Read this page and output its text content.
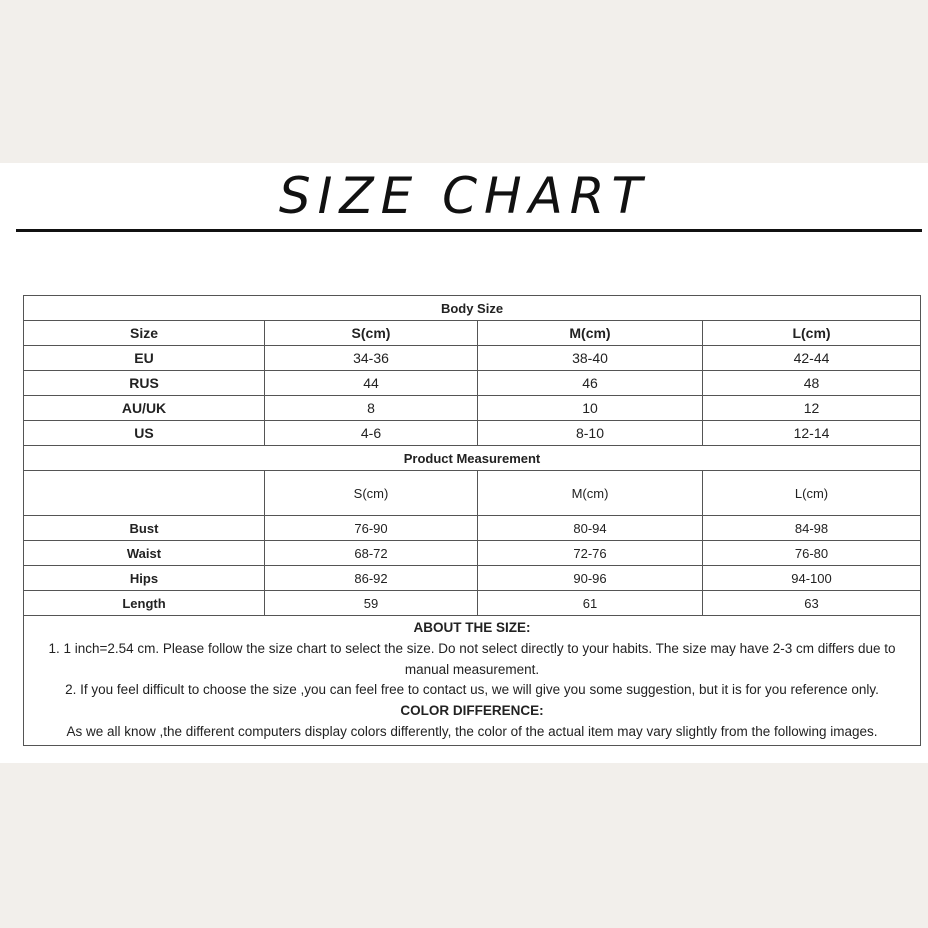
SIZE CHART
Body Size			
Size	S(cm)	M(cm)	L(cm)
EU	34-36	38-40	42-44
RUS	44	46	48
AU/UK	8	10	12
US	4-6	8-10	12-14
Product Measurement			
	S(cm)	M(cm)	L(cm)
Bust	76-90	80-94	84-98
Waist	68-72	72-76	76-80
Hips	86-92	90-96	94-100
Length	59	61	63

ABOUT THE SIZE:

1. 1 inch=2.54 cm. Please follow the size chart to select the size. Do not select directly to your habits. The size may have 2-3 cm differs due to manual measurement.

2. If you feel difficult to choose the size ,you can feel free to contact us, we will give you some suggestion, but it is for you reference only.

COLOR DIFFERENCE:

As we all know ,the different computers display colors differently, the color of the actual item may vary slightly from the following images.			
